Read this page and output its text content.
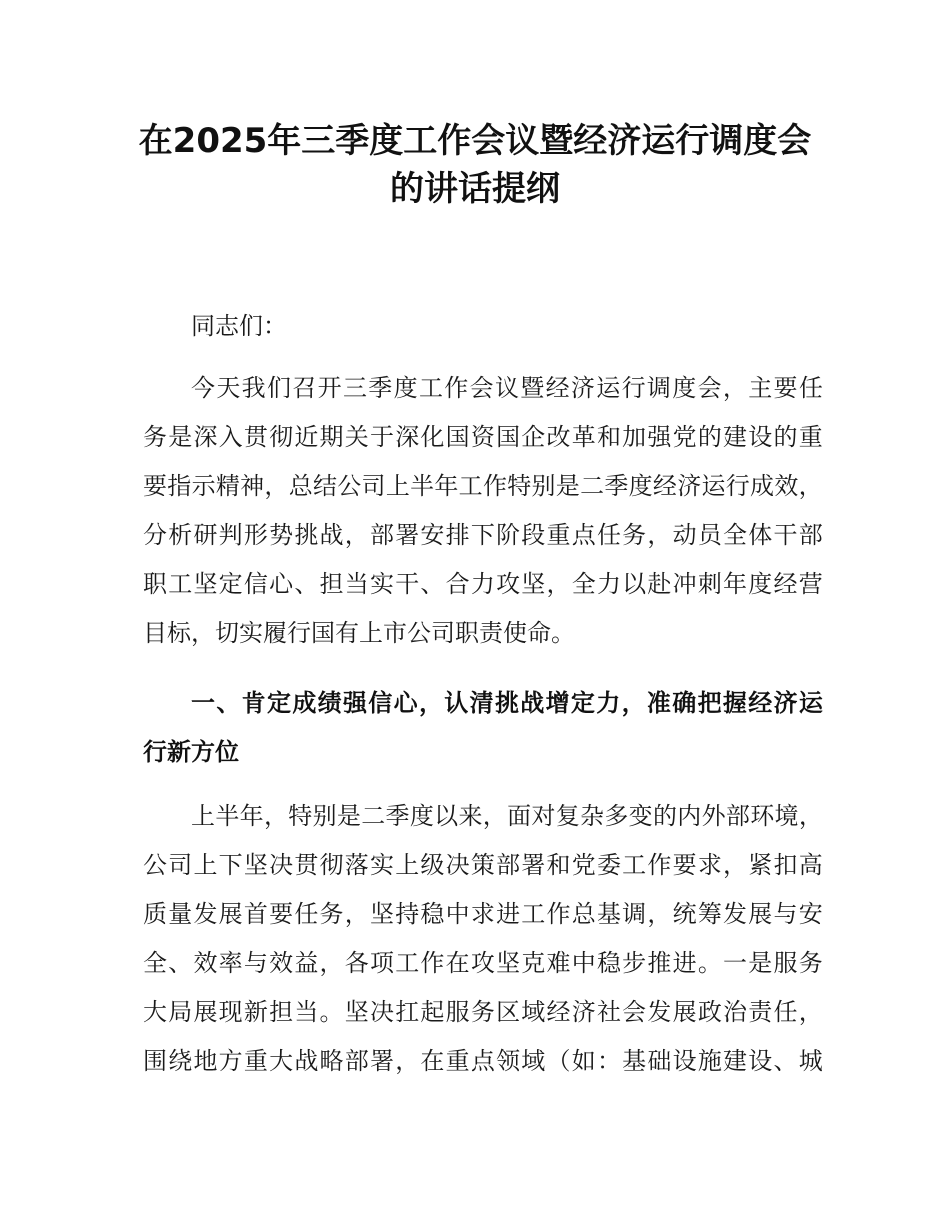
在2025年三季度工作会议暨经济运行调度会
的讲话提纲
同志们：
今 天 我 们 召 开 三 季 度 工 作 会 议 暨 经 济 运 行 调 度 会 ， 主 要 任
务 是 深 入 贯 彻 近 期 关 于 深 化 国 资 国 企 改 革 和 加 强 党 的 建 设 的 重
要 指 示 精 神 ， 总 结 公 司 上 半 年 工 作 特 别 是 二 季 度 经 济 运 行 成 效 ，
分 析 研 判 形 势 挑 战 ， 部 署 安 排 下 阶 段 重 点 任 务 ， 动 员 全 体 干 部
职 工 坚 定 信 心 、 担 当 实 干 、 合 力 攻 坚 ， 全 力 以 赴 冲 刺 年 度 经 营
目标，切实履行国有上市公司职责使命。
一 、 肯 定 成 绩 强 信 心 ， 认 清 挑 战 增 定 力 ， 准 确 把 握 经 济 运
行新方位
上 半 年 ， 特 别 是 二 季 度 以 来 ， 面 对 复 杂 多 变 的 内 外 部 环 境 ，
公 司 上 下 坚 决 贯 彻 落 实 上 级 决 策 部 署 和 党 委 工 作 要 求 ， 紧 扣 高
质 量 发 展 首 要 任 务 ， 坚 持 稳 中 求 进 工 作 总 基 调 ， 统 筹 发 展 与 安
全 、 效 率 与 效 益 ， 各 项 工 作 在 攻 坚 克 难 中 稳 步 推 进 。 一 是 服 务
大 局 展 现 新 担 当 。 坚 决 扛 起 服 务 区 域 经 济 社 会 发 展 政 治 责 任 ，
围 绕 地 方 重 大 战 略 部 署 ， 在 重 点 领 域 （ 如 ： 基 础 设 施 建 设 、 城
